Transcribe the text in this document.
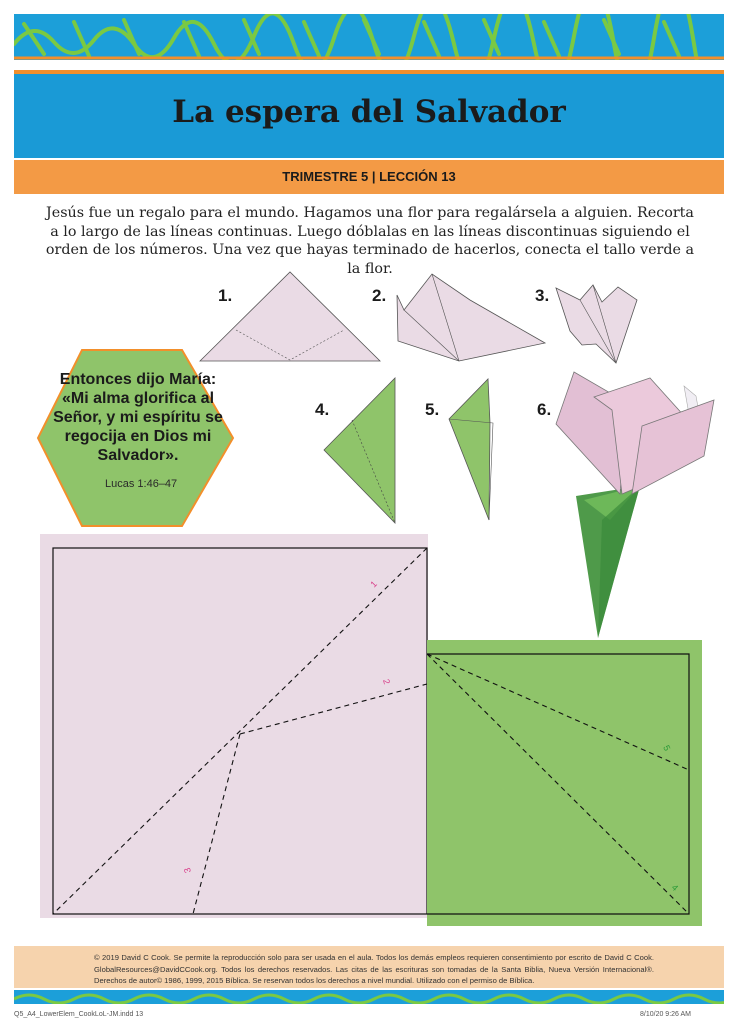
La espera del Salvador
TRIMESTRE 5 | LECCIÓN 13
Jesús fue un regalo para el mundo. Hagamos una flor para regalársela a alguien. Recorta a lo largo de las líneas continuas. Luego dóblalas en las líneas discontinuas siguiendo el orden de los números. Una vez que hayas terminado de hacerlos, conecta el tallo verde a la flor.
1.	2.	3.
4.	5.	6.
1
2
3
5
4
Entonces dijo María: «Mi alma glorifica al Señor, y mi espíritu se regocija en Dios mi Salvador».
Lucas 1:46–47
© 2019 David C Cook. Se permite la reproducción solo para ser usada en el aula. Todos los demás empleos requieren consentimiento por escrito de David C Cook. GlobalResources@DavidCCook.org. Todos los derechos reservados. Las citas de las escrituras son tomadas de la Santa Biblia, Nueva Versión Internacional®. Derechos de autor© 1986, 1999, 2015 Bíblica. Se reservan todos los derechos a nivel mundial. Utilizado con el permiso de Bíblica.
Q5_A4_LowerElem_CookLoL-JM.indd 13	8/10/20 9:26 AM
